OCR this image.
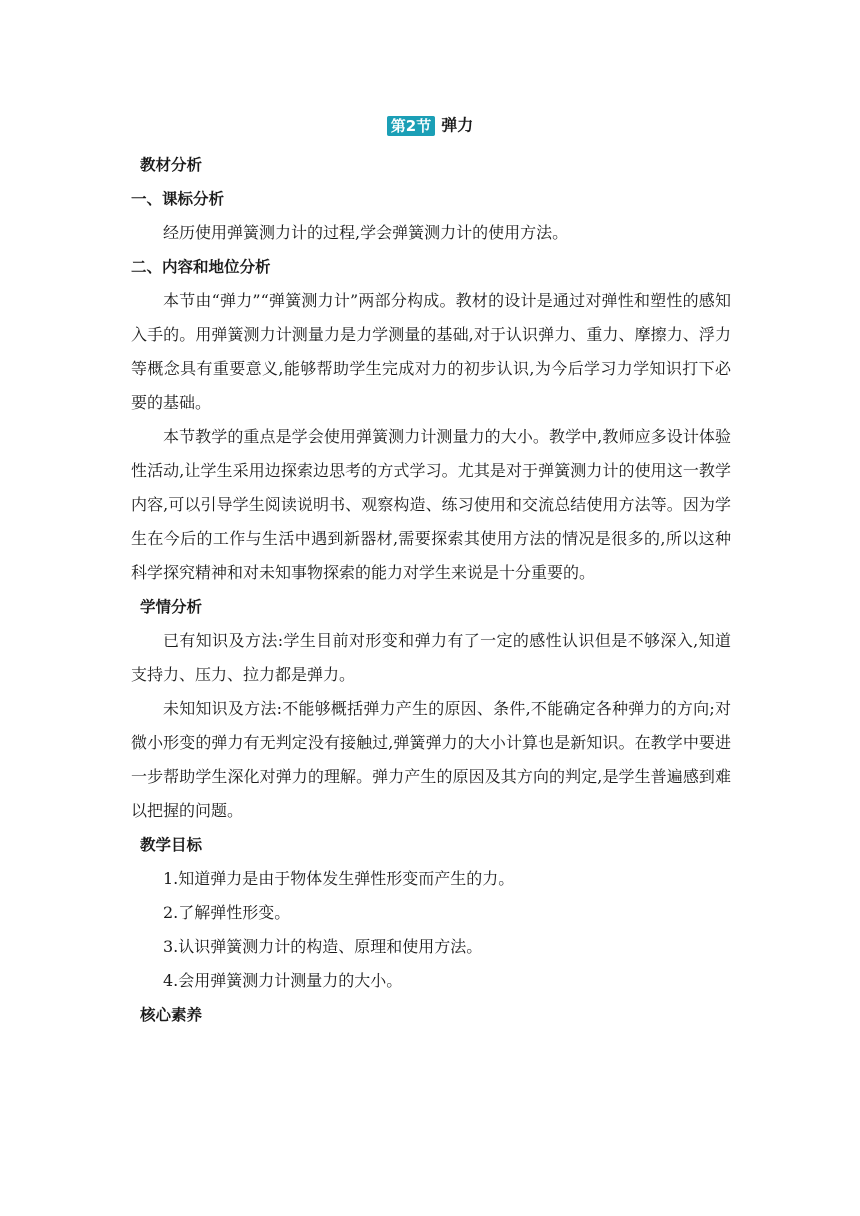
第2节 弹力
教材分析
一、课标分析

经历使用弹簧测力计的过程,学会弹簧测力计的使用方法。

二、内容和地位分析

本节由“弹力”“弹簧测力计”两部分构成。教材的设计是通过对弹性和塑性的感知入手的。用弹簧测力计测量力是力学测量的基础,对于认识弹力、重力、摩擦力、浮力等概念具有重要意义,能够帮助学生完成对力的初步认识,为今后学习力学知识打下必要的基础。

本节教学的重点是学会使用弹簧测力计测量力的大小。教学中,教师应多设计体验性活动,让学生采用边探索边思考的方式学习。尤其是对于弹簧测力计的使用这一教学内容,可以引导学生阅读说明书、观察构造、练习使用和交流总结使用方法等。因为学生在今后的工作与生活中遇到新器材,需要探索其使用方法的情况是很多的,所以这种科学探究精神和对未知事物探索的能力对学生来说是十分重要的。

学情分析

已有知识及方法:学生目前对形变和弹力有了一定的感性认识但是不够深入,知道支持力、压力、拉力都是弹力。

未知知识及方法:不能够概括弹力产生的原因、条件,不能确定各种弹力的方向;对微小形变的弹力有无判定没有接触过,弹簧弹力的大小计算也是新知识。在教学中要进一步帮助学生深化对弹力的理解。弹力产生的原因及其方向的判定,是学生普遍感到难以把握的问题。

教学目标

1.知道弹力是由于物体发生弹性形变而产生的力。

2.了解弹性形变。

3.认识弹簧测力计的构造、原理和使用方法。

4.会用弹簧测力计测量力的大小。

核心素养
